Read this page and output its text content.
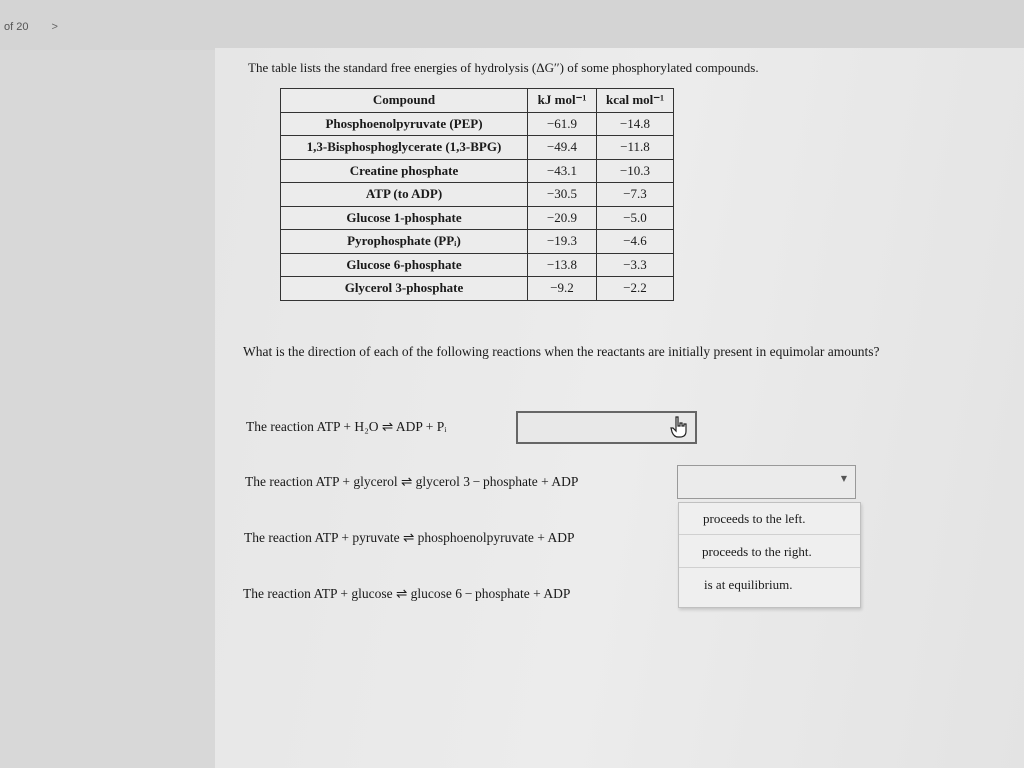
of 20 >
The table lists the standard free energies of hydrolysis (ΔG′′) of some phosphorylated compounds.
Compound	kJ mol⁻¹	kcal mol⁻¹
Phosphoenolpyruvate (PEP)	−61.9	−14.8
1,3-Bisphosphoglycerate (1,3-BPG)	−49.4	−11.8
Creatine phosphate	−43.1	−10.3
ATP (to ADP)	−30.5	−7.3
Glucose 1-phosphate	−20.9	−5.0
Pyrophosphate (PPᵢ)	−19.3	−4.6
Glucose 6-phosphate	−13.8	−3.3
Glycerol 3-phosphate	−9.2	−2.2
What is the direction of each of the following reactions when the reactants are initially present in equimolar amounts?
The reaction ATP + H₂O ⇌ ADP + Pᵢ
The reaction ATP + glycerol ⇌ glycerol 3 − phosphate + ADP
The reaction ATP + pyruvate ⇌ phosphoenolpyruvate + ADP
The reaction ATP + glucose ⇌ glucose 6 − phosphate + ADP
▼
proceeds to the left.
proceeds to the right.
is at equilibrium.
